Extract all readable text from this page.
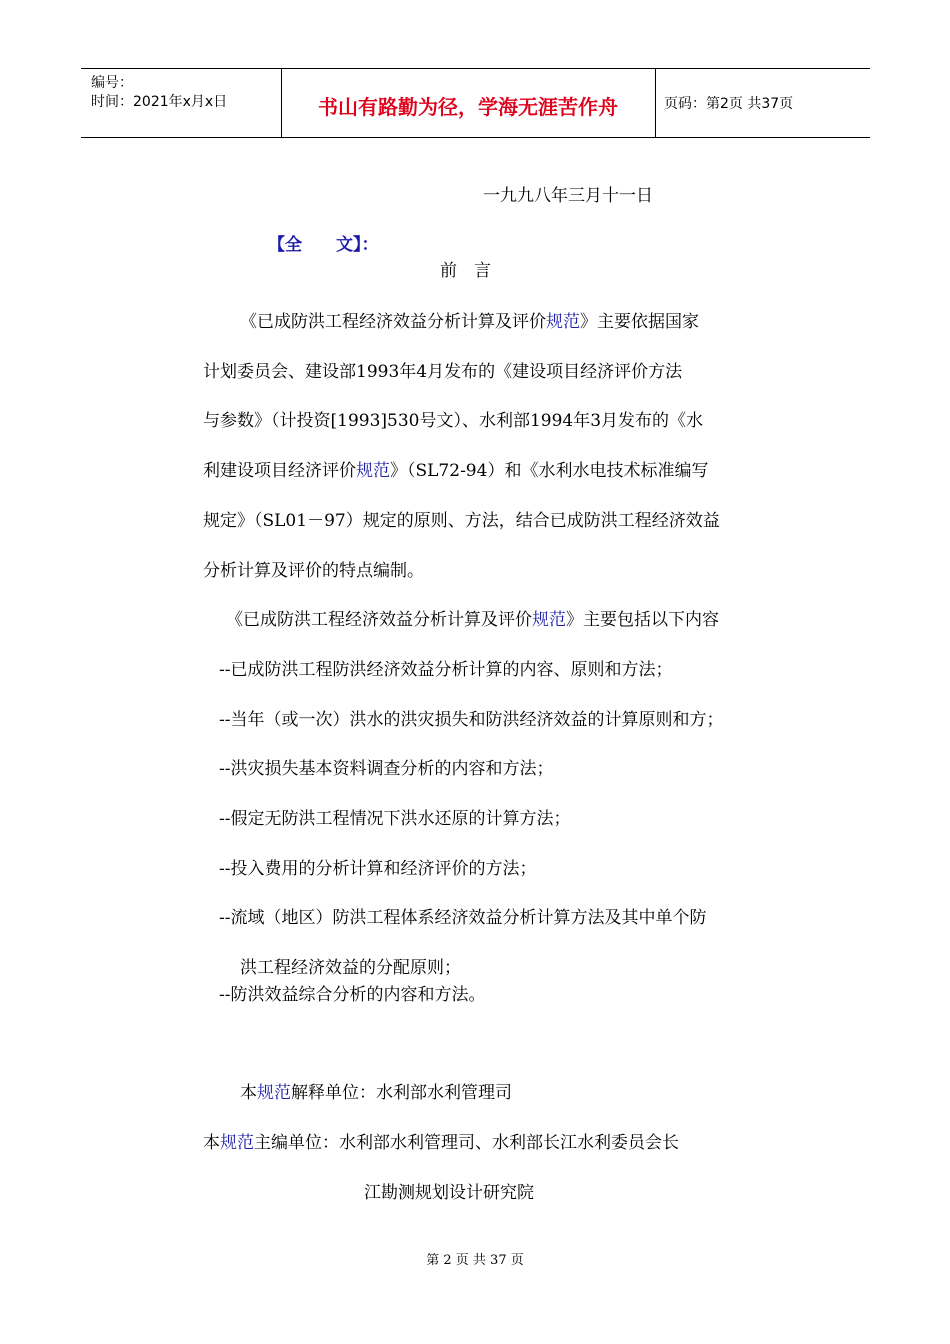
编号：
时间：2021年x月x日	书山有路勤为径，学海无涯苦作舟	页码：第2页 共37页
一九九八年三月十一日
【全　　文】：
前　言
《已成防洪工程经济效益分析计算及评价规范》主要依据国家
计划委员会、建设部1993年4月发布的《建设项目经济评价方法
与参数》（计投资[1993]530号文）、水利部1994年3月发布的《水
利建设项目经济评价规范》（SL72-94）和《水利水电技术标准编写
规定》（SL01－97）规定的原则、方法，结合已成防洪工程经济效益
分析计算及评价的特点编制。
《已成防洪工程经济效益分析计算及评价规范》主要包括以下内容
--已成防洪工程防洪经济效益分析计算的内容、原则和方法；
--当年（或一次）洪水的洪灾损失和防洪经济效益的计算原则和方；
--洪灾损失基本资料调查分析的内容和方法；
--假定无防洪工程情况下洪水还原的计算方法；
--投入费用的分析计算和经济评价的方法；
--流域（地区）防洪工程体系经济效益分析计算方法及其中单个防
洪工程经济效益的分配原则；
--防洪效益综合分析的内容和方法。
本规范解释单位：水利部水利管理司
本规范主编单位：水利部水利管理司、水利部长江水利委员会长
江勘测规划设计研究院
第 2 页 共 37 页
